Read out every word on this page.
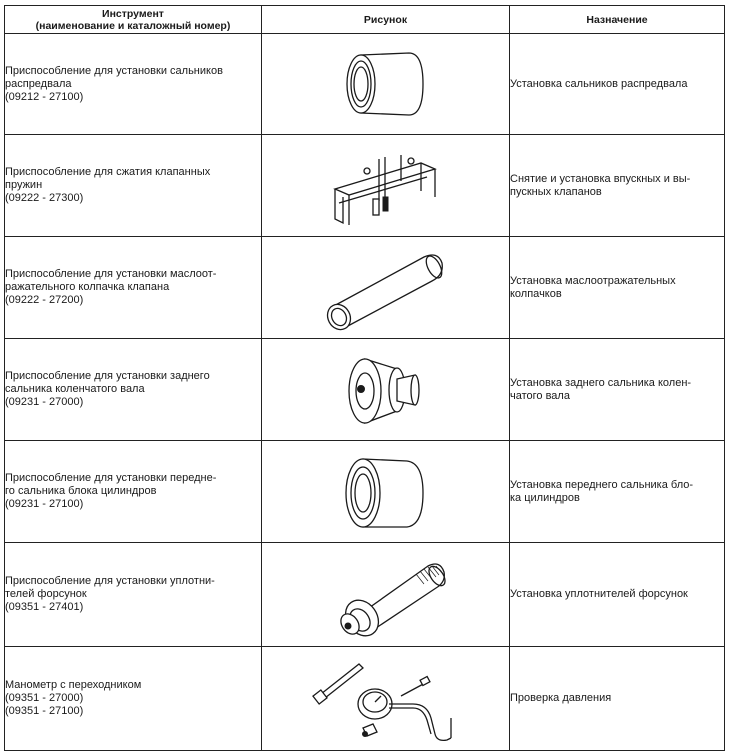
Инструмент
(наименование и каталожный номер)	Рисунок	Назначение

Приспособление для установки сальников
распредвала
(09212 - 27100)		Установка сальников распредвала

Приспособление для сжатия клапанных
пружин
(09222 - 27300)		Снятие и установка впускных и вы-
пускных клапанов

Приспособление для установки маслоот-
ражательного колпачка клапана
(09222 - 27200)		Установка маслоотражательных
колпачков

Приспособление для установки заднего
сальника коленчатого вала
(09231 - 27000)		Установка заднего сальника колен-
чатого вала

Приспособление для установки передне-
го сальника блока цилиндров
(09231 - 27100)		Установка переднего сальника бло-
ка цилиндров

Приспособление для установки уплотни-
телей форсунок
(09351 - 27401)		Установка уплотнителей форсунок

Манометр с переходником
(09351 - 27000)
(09351 - 27100)		Проверка давления
